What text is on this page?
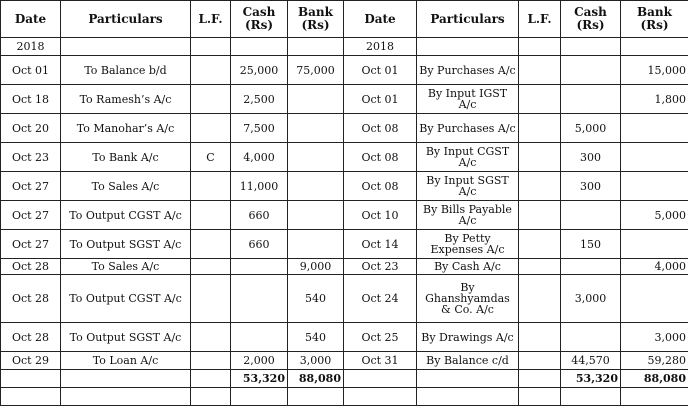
Date	Particulars	L.F.	Cash (Rs)	Bank (Rs)	Date	Particulars	L.F.	Cash (Rs)	Bank (Rs)
2018					2018				
Oct 01	To Balance b/d		25,000	75,000	Oct 01	By Purchases A/c			15,000
Oct 18	To Ramesh’s A/c		2,500		Oct 01	By Input IGST A/c			1,800
Oct 20	To Manohar’s A/c		7,500		Oct 08	By Purchases A/c		5,000	
Oct 23	To Bank A/c	C	4,000		Oct 08	By Input CGST A/c		300	
Oct 27	To Sales A/c		11,000		Oct 08	By Input SGST A/c		300	
Oct 27	To Output CGST A/c		660		Oct 10	By Bills Payable A/c			5,000
Oct 27	To Output SGST A/c		660		Oct 14	By Petty Expenses A/c		150	
Oct 28	To Sales A/c			9,000	Oct 23	By Cash A/c			4,000
Oct 28	To Output CGST A/c			540	Oct 24	By Ghanshyamdas & Co. A/c		3,000	
Oct 28	To Output SGST A/c			540	Oct 25	By Drawings A/c			3,000
Oct 29	To Loan A/c		2,000	3,000	Oct 31	By Balance c/d		44,570	59,280
			53,320	88,080				53,320	88,080
